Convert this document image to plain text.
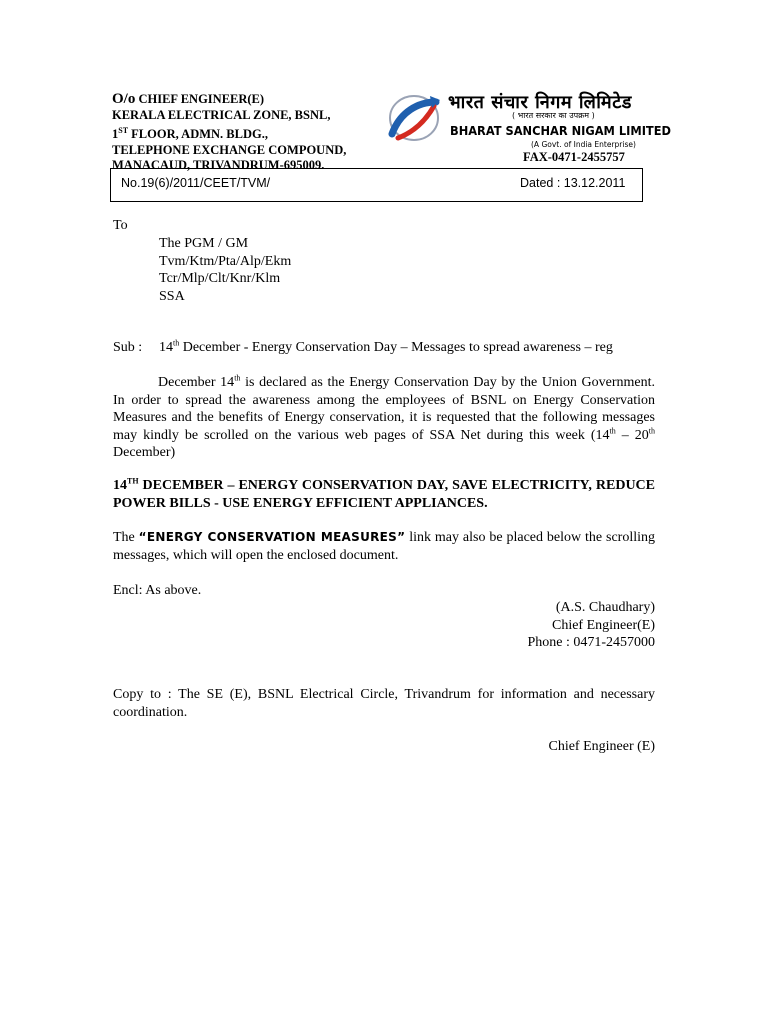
O/o CHIEF ENGINEER(E)
KERALA ELECTRICAL ZONE, BSNL,
1ST FLOOR, ADMN. BLDG.,
TELEPHONE EXCHANGE COMPOUND,
MANACAUD, TRIVANDRUM-695009.
भारत संचार निगम लिमिटेड
( भारत सरकार का उपक्रम )
BHARAT SANCHAR NIGAM LIMITED
(A Govt. of India Enterprise)
FAX-0471-2455757
No.19(6)/2011/CEET/TVM/	Dated : 13.12.2011
To
The PGM / GM
Tvm/Ktm/Pta/Alp/Ekm
Tcr/Mlp/Clt/Knr/Klm
SSA
Sub : 14th December - Energy Conservation Day – Messages to spread awareness – reg
December 14th is declared as the Energy Conservation Day by the Union Government. In order to spread the awareness among the employees of BSNL on Energy Conservation Measures and the benefits of Energy conservation, it is requested that the following messages may kindly be scrolled on the various web pages of SSA Net during this week (14th – 20th December)
14TH DECEMBER – ENERGY CONSERVATION DAY, SAVE ELECTRICITY, REDUCE POWER BILLS - USE ENERGY EFFICIENT APPLIANCES.
The “ENERGY CONSERVATION MEASURES” link may also be placed below the scrolling messages, which will open the enclosed document.
Encl: As above.
(A.S. Chaudhary)
Chief Engineer(E)
Phone : 0471-2457000
Copy to : The SE (E), BSNL Electrical Circle, Trivandrum for information and necessary coordination.
Chief Engineer (E)
